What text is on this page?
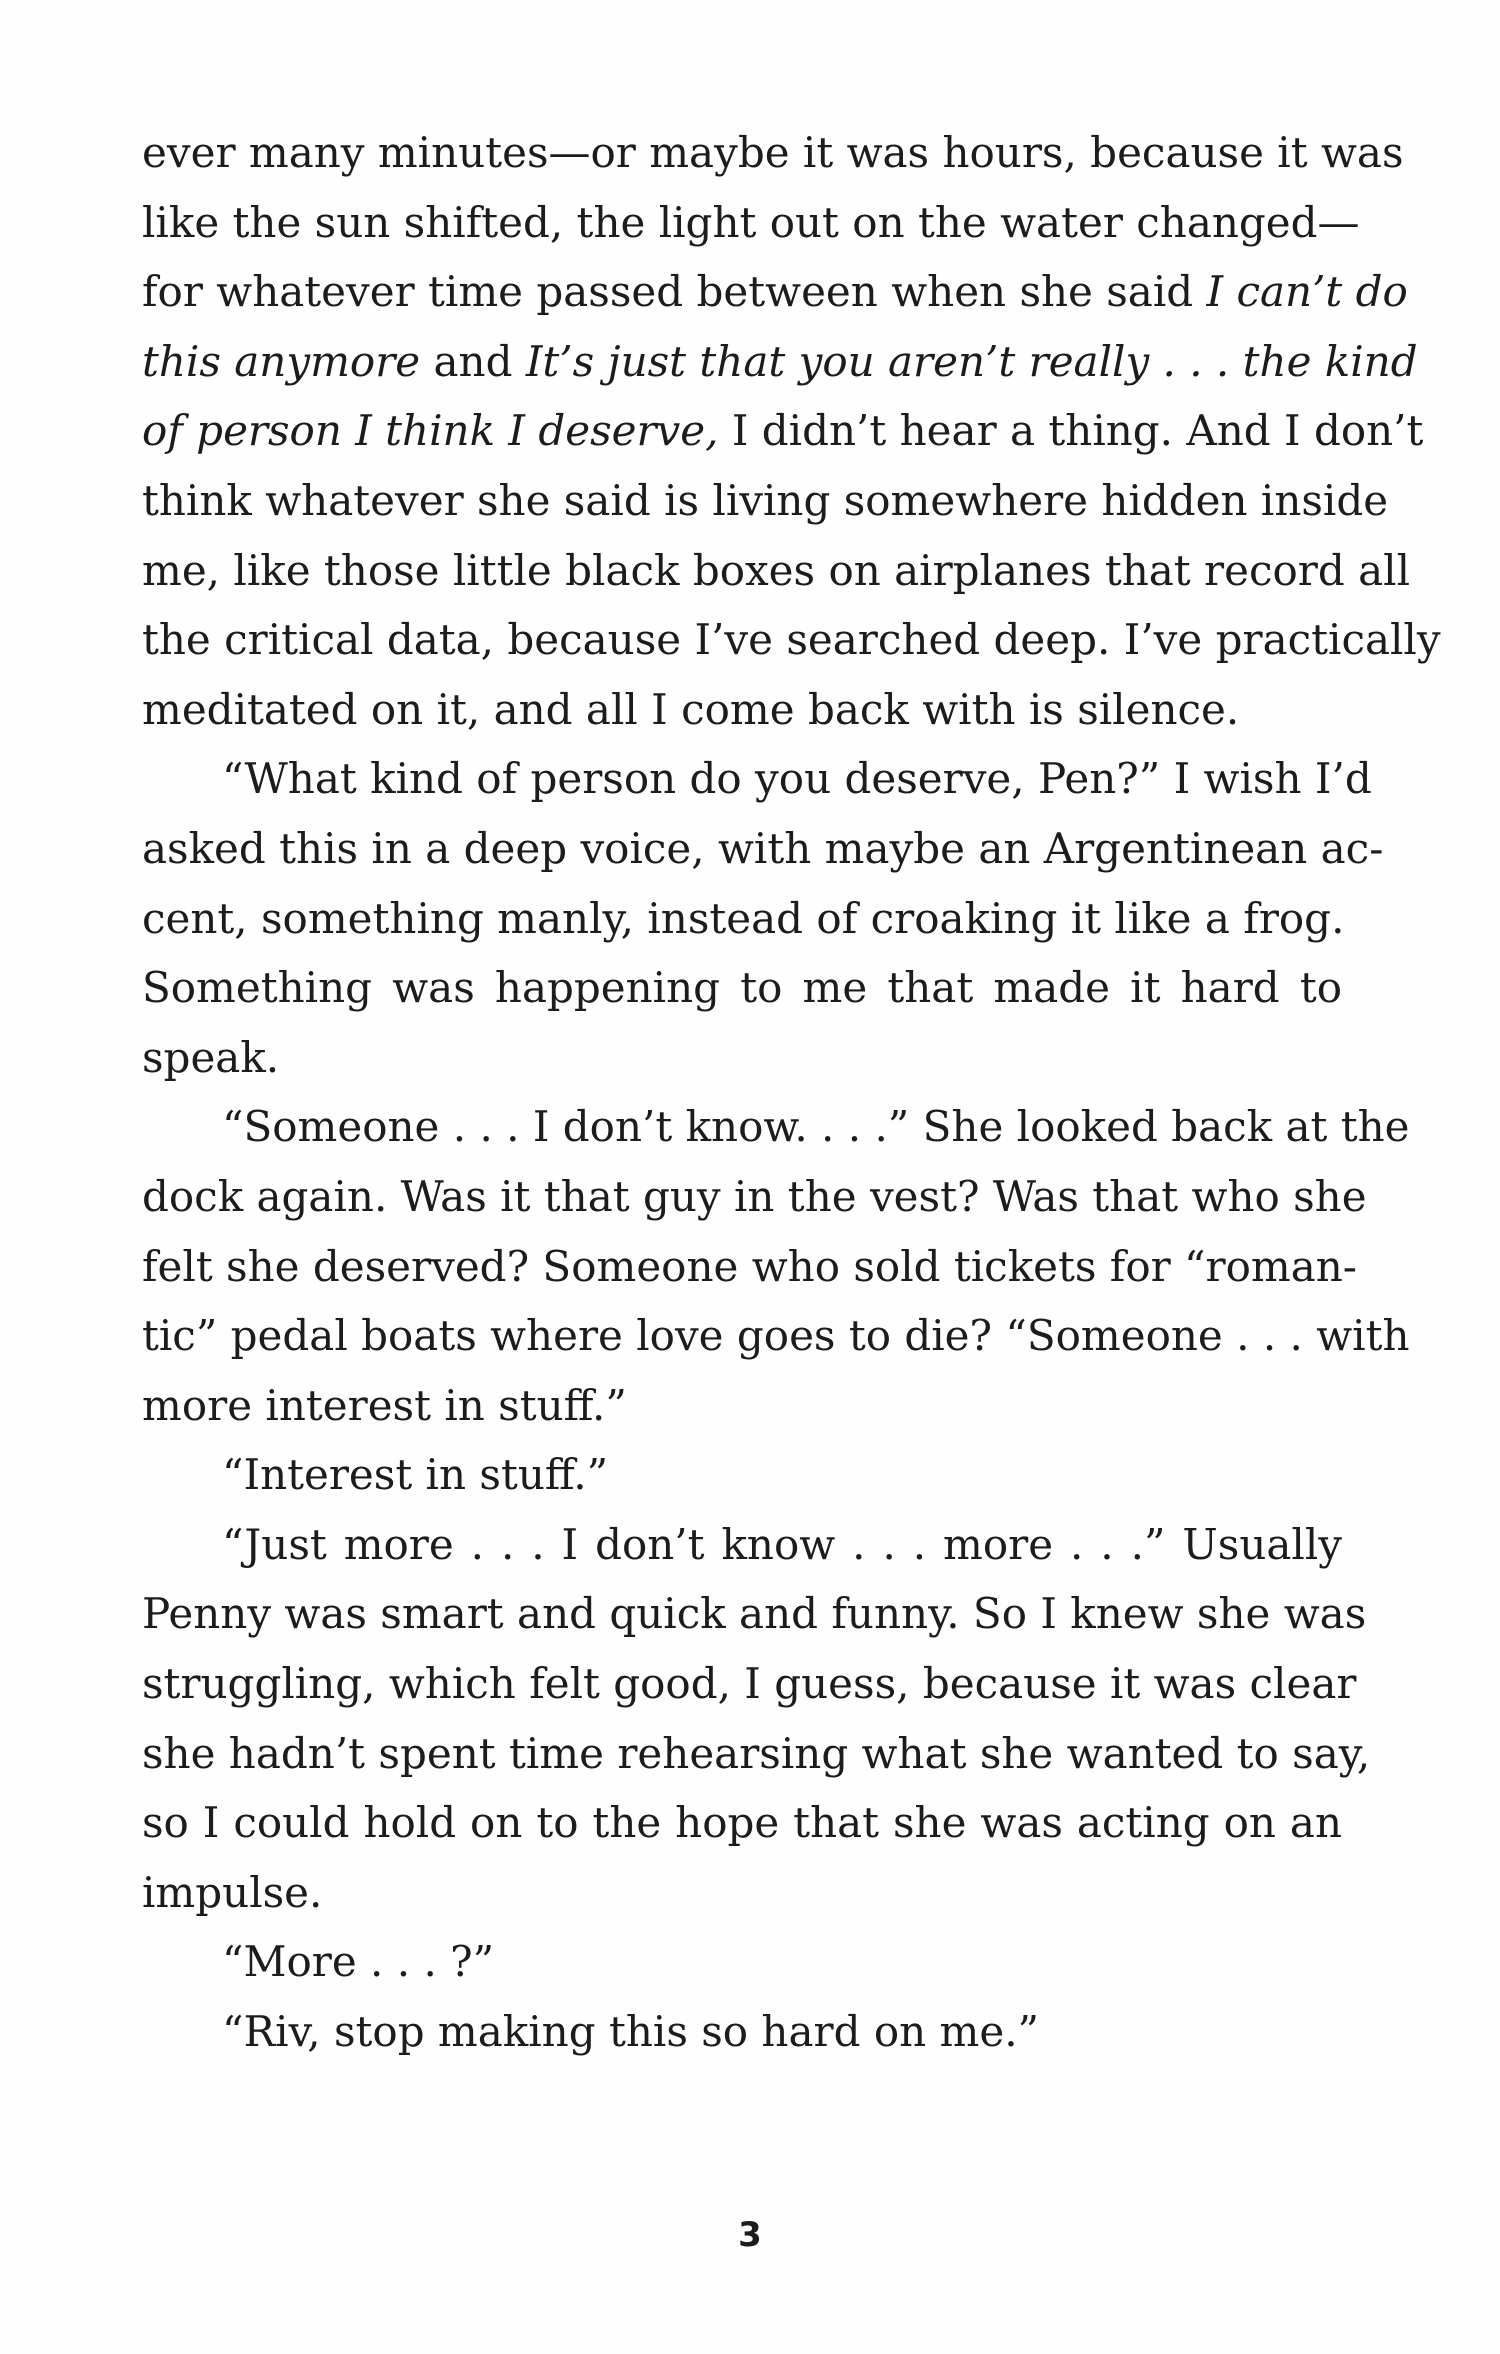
ever many minutes—or maybe it was hours, because it was
like the sun shifted, the light out on the water changed—
for whatever time passed between when she said I can’t do
this anymore and It’s just that you aren’t really . . . the kind
of person I think I deserve, I didn’t hear a thing. And I don’t
think whatever she said is living somewhere hidden inside
me, like those little black boxes on airplanes that record all
the critical data, because I’ve searched deep. I’ve practically
meditated on it, and all I come back with is silence.
“What kind of person do you deserve, Pen?” I wish I’d
asked this in a deep voice, with maybe an Argentinean ac-
cent, something manly, instead of croaking it like a frog.
Something was happening to me that made it hard to
speak.
“Someone . . . I don’t know. . . .” She looked back at the
dock again. Was it that guy in the vest? Was that who she
felt she deserved? Someone who sold tickets for “roman-
tic” pedal boats where love goes to die? “Someone . . . with
more interest in stuff.”
“Interest in stuff.”
“Just more . . . I don’t know . . . more . . .” Usually
Penny was smart and quick and funny. So I knew she was
struggling, which felt good, I guess, because it was clear
she hadn’t spent time rehearsing what she wanted to say,
so I could hold on to the hope that she was acting on an
impulse.
“More . . . ?”
“Riv, stop making this so hard on me.”
3
